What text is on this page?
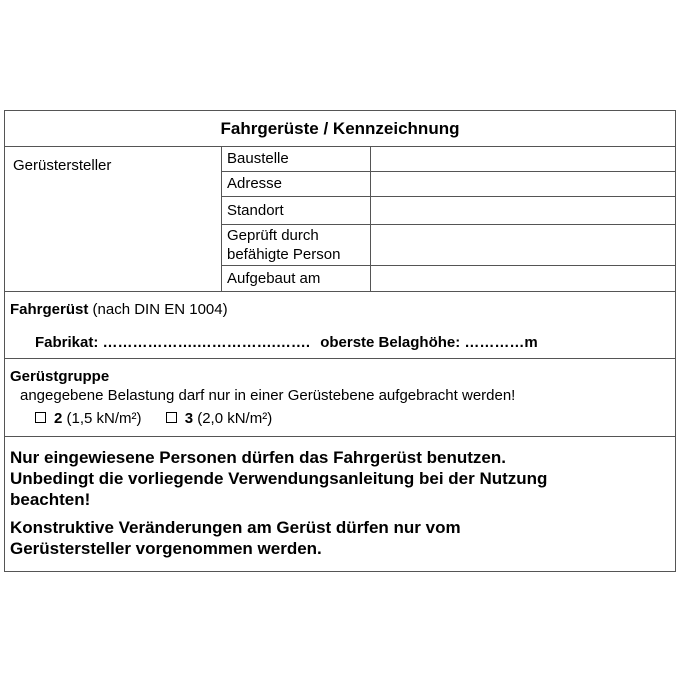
Fahrgerüste / Kennzeichnung
Gerüstersteller	Baustelle
Adresse
Standort
Geprüft durch
befähigte Person
Aufgebaut am
Fahrgerüst (nach DIN EN 1004)
Fabrikat: ……………….…………….……. oberste Belaghöhe: …………m
Gerüstgruppe
angegebene Belastung darf nur in einer Gerüstebene aufgebracht werden!
2 (1,5 kN/m²)	3 (2,0 kN/m²)
Nur eingewiesene Personen dürfen das Fahrgerüst benutzen.
Unbedingt die vorliegende Verwendungsanleitung bei der Nutzung
beachten!
Konstruktive Veränderungen am Gerüst dürfen nur vom
Gerüstersteller vorgenommen werden.
